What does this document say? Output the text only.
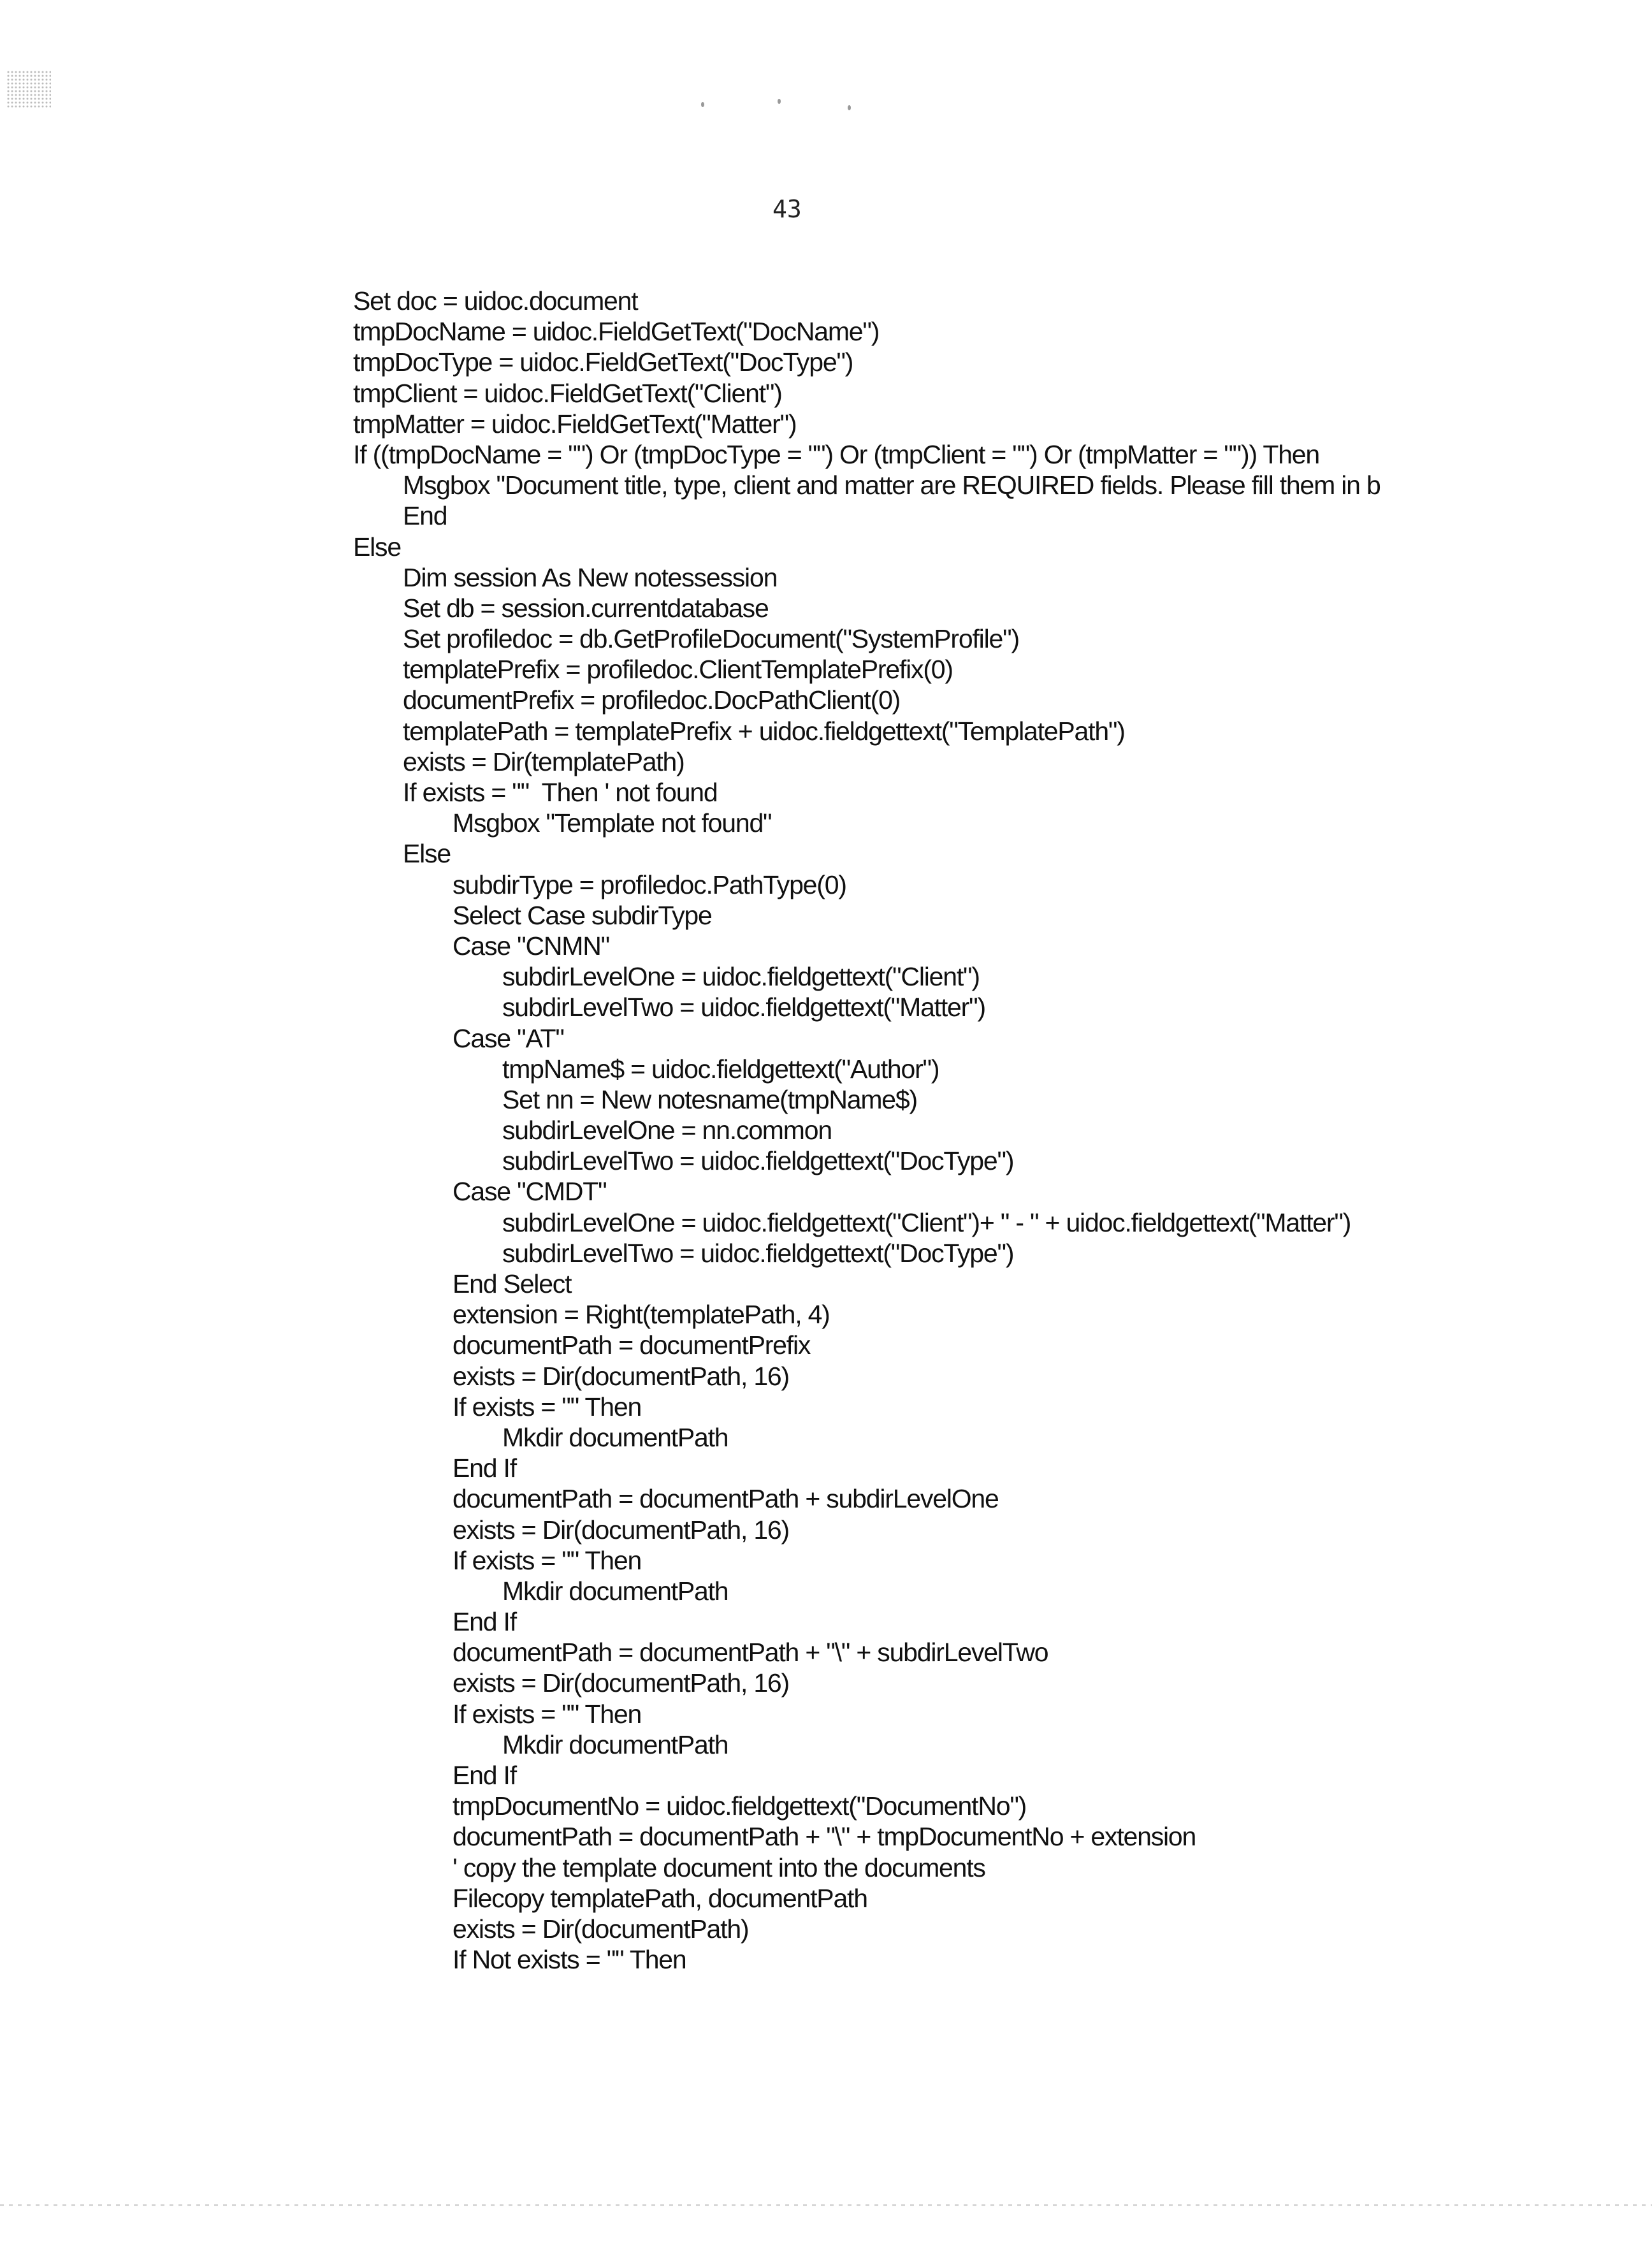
43
Set doc = uidoc.document
tmpDocName = uidoc.FieldGetText("DocName")
tmpDocType = uidoc.FieldGetText("DocType")
tmpClient = uidoc.FieldGetText("Client")
tmpMatter = uidoc.FieldGetText("Matter")
If ((tmpDocName = "") Or (tmpDocType = "") Or (tmpClient = "") Or (tmpMatter = "")) Then
Msgbox "Document title, type, client and matter are REQUIRED fields. Please fill them in b
End
Else
Dim session As New notessession
Set db = session.currentdatabase
Set profiledoc = db.GetProfileDocument("SystemProfile")
templatePrefix = profiledoc.ClientTemplatePrefix(0)
documentPrefix = profiledoc.DocPathClient(0)
templatePath = templatePrefix + uidoc.fieldgettext("TemplatePath")
exists = Dir(templatePath)
If exists = ""  Then ' not found
Msgbox "Template not found"
Else
subdirType = profiledoc.PathType(0)
Select Case subdirType
Case "CNMN"
subdirLevelOne = uidoc.fieldgettext("Client")
subdirLevelTwo = uidoc.fieldgettext("Matter")
Case "AT"
tmpName$ = uidoc.fieldgettext("Author")
Set nn = New notesname(tmpName$)
subdirLevelOne = nn.common
subdirLevelTwo = uidoc.fieldgettext("DocType")
Case "CMDT"
subdirLevelOne = uidoc.fieldgettext("Client")+ " - " + uidoc.fieldgettext("Matter")
subdirLevelTwo = uidoc.fieldgettext("DocType")
End Select
extension = Right(templatePath, 4)
documentPath = documentPrefix
exists = Dir(documentPath, 16)
If exists = "" Then
Mkdir documentPath
End If
documentPath = documentPath + subdirLevelOne
exists = Dir(documentPath, 16)
If exists = "" Then
Mkdir documentPath
End If
documentPath = documentPath + "\" + subdirLevelTwo
exists = Dir(documentPath, 16)
If exists = "" Then
Mkdir documentPath
End If
tmpDocumentNo = uidoc.fieldgettext("DocumentNo")
documentPath = documentPath + "\" + tmpDocumentNo + extension
' copy the template document into the documents
Filecopy templatePath, documentPath
exists = Dir(documentPath)
If Not exists = "" Then
